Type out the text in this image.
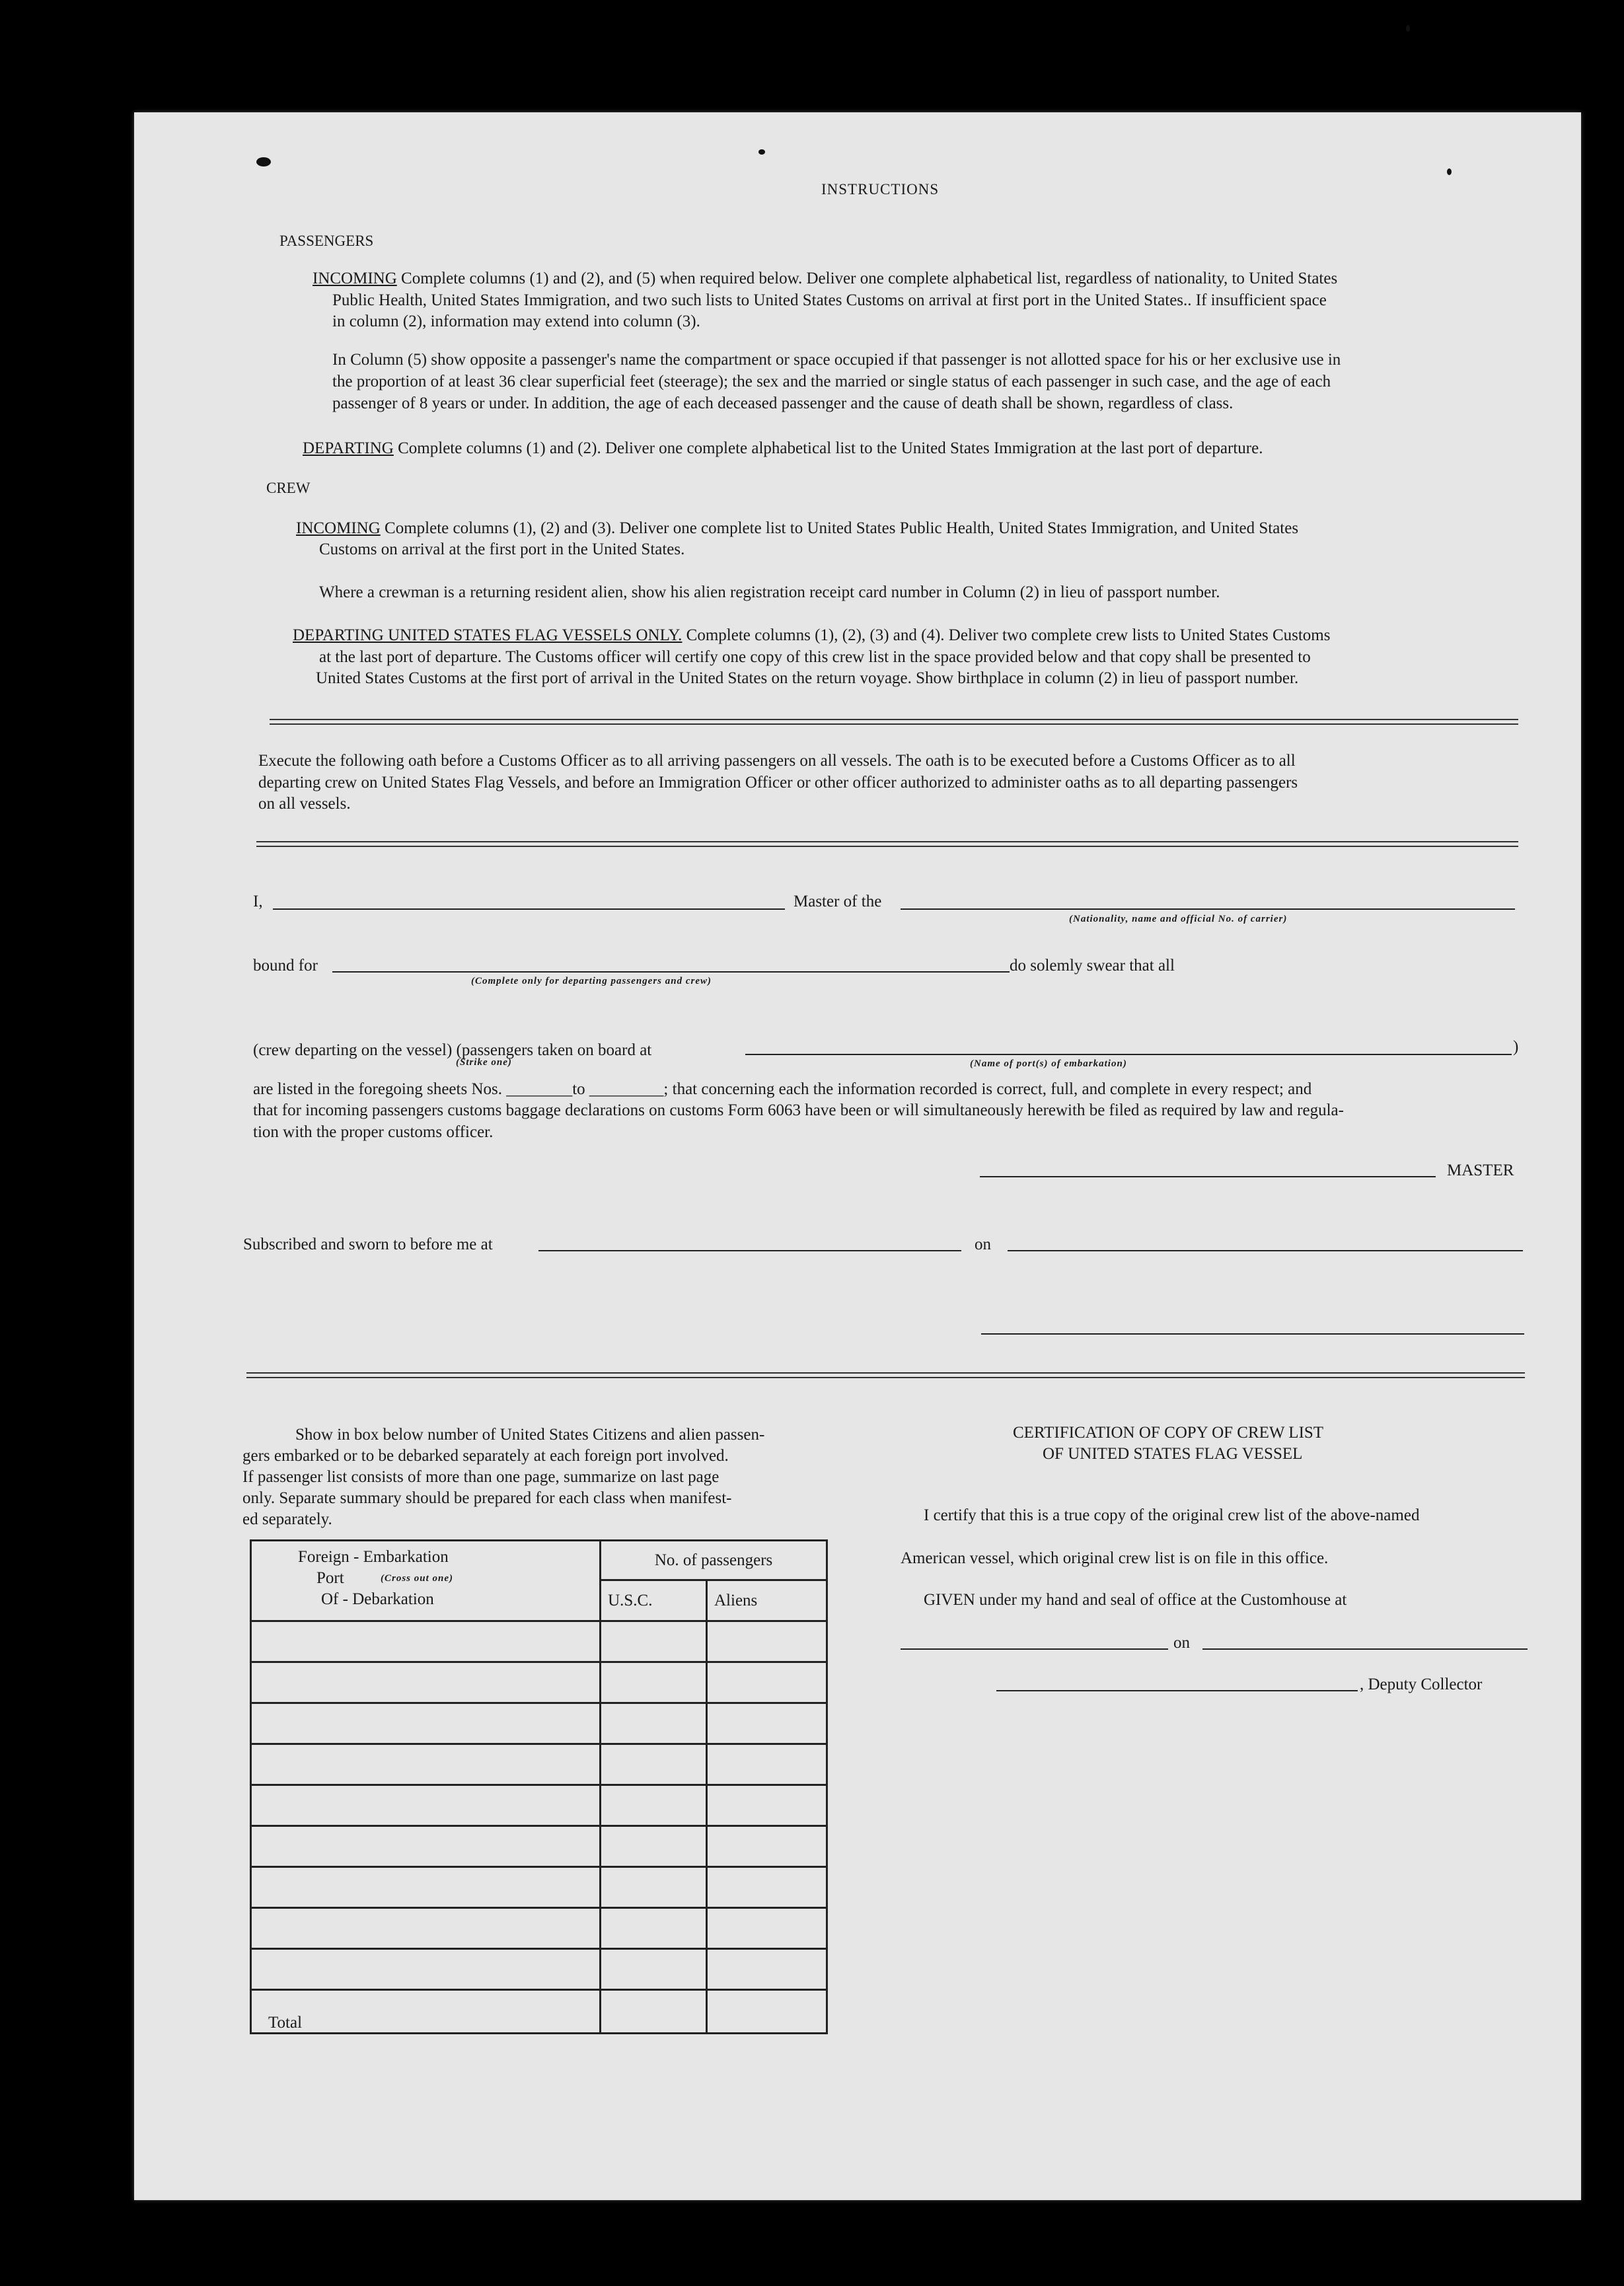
INSTRUCTIONS
PASSENGERS
INCOMING Complete columns (1) and (2), and (5) when required below. Deliver one complete alphabetical list, regardless of nationality, to United States
Public Health, United States Immigration, and two such lists to United States Customs on arrival at first port in the United States.. If insufficient space
in column (2), information may extend into column (3).
In Column (5) show opposite a passenger's name the compartment or space occupied if that passenger is not allotted space for his or her exclusive use in
the proportion of at least 36 clear superficial feet (steerage); the sex and the married or single status of each passenger in such case, and the age of each
passenger of 8 years or under. In addition, the age of each deceased passenger and the cause of death shall be shown, regardless of class.
DEPARTING Complete columns (1) and (2). Deliver one complete alphabetical list to the United States Immigration at the last port of departure.
CREW
INCOMING Complete columns (1), (2) and (3). Deliver one complete list to United States Public Health, United States Immigration, and United States
Customs on arrival at the first port in the United States.
Where a crewman is a returning resident alien, show his alien registration receipt card number in Column (2) in lieu of passport number.
DEPARTING UNITED STATES FLAG VESSELS ONLY. Complete columns (1), (2), (3) and (4). Deliver two complete crew lists to United States Customs
at the last port of departure. The Customs officer will certify one copy of this crew list in the space provided below and that copy shall be presented to
United States Customs at the first port of arrival in the United States on the return voyage. Show birthplace in column (2) in lieu of passport number.
Execute the following oath before a Customs Officer as to all arriving passengers on all vessels. The oath is to be executed before a Customs Officer as to all
departing crew on United States Flag Vessels, and before an Immigration Officer or other officer authorized to administer oaths as to all departing passengers
on all vessels.
I,	Master of the
(Nationality, name and official No. of carrier)
bound for	do solemly swear that all
(Complete only for departing passengers and crew)
(crew departing on the vessel) (passengers taken on board at	)
(Strike one)	(Name of port(s) of embarkation)
are listed in the foregoing sheets Nos. ________to _________; that concerning each the information recorded is correct, full, and complete in every respect; and
that for incoming passengers customs baggage declarations on customs Form 6063 have been or will simultaneously herewith be filed as required by law and regula-
tion with the proper customs officer.
MASTER
Subscribed and sworn to before me at	on
Show in box below number of United States Citizens and alien passen-
gers embarked or to be debarked separately at each foreign port involved.
If passenger list consists of more than one page, summarize on last page
only. Separate summary should be prepared for each class when manifest-
ed separately.
Foreign - Embarkation
Port (Cross out one)
Of - Debarkation	No. of passengers	
	U.S.C.	Aliens

Total		
CERTIFICATION OF COPY OF CREW LIST
OF UNITED STATES FLAG VESSEL
I certify that this is a true copy of the original crew list of the above-named
American vessel, which original crew list is on file in this office.
GIVEN under my hand and seal of office at the Customhouse at
on
, Deputy Collector
